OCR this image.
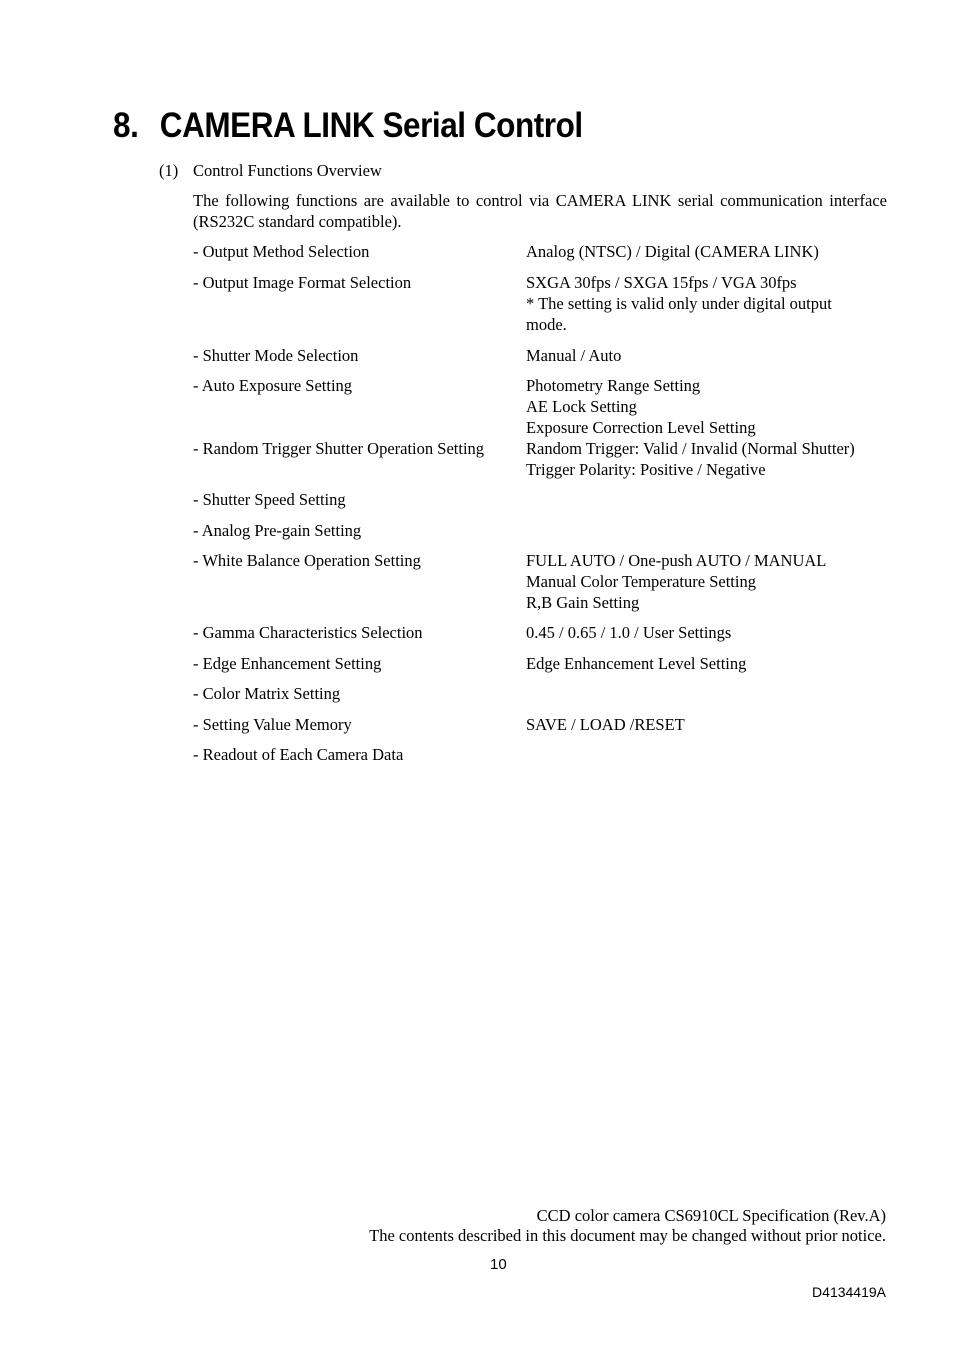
8. CAMERA LINK Serial Control
(1) Control Functions Overview
The following functions are available to control via CAMERA LINK serial communication interface (RS232C standard compatible).
- Output Method Selection	Analog (NTSC) / Digital (CAMERA LINK)
- Output Image Format Selection	SXGA 30fps / SXGA 15fps / VGA 30fps
* The setting is valid only under digital output
mode.
- Shutter Mode Selection	Manual / Auto
- Auto Exposure Setting	Photometry Range Setting
AE Lock Setting
Exposure Correction Level Setting
- Random Trigger Shutter Operation Setting	Random Trigger: Valid / Invalid (Normal Shutter)
Trigger Polarity: Positive / Negative
- Shutter Speed Setting
- Analog Pre-gain Setting
- White Balance Operation Setting	FULL AUTO / One-push AUTO / MANUAL
Manual Color Temperature Setting
R,B Gain Setting
- Gamma Characteristics Selection	0.45 / 0.65 / 1.0 / User Settings
- Edge Enhancement Setting	Edge Enhancement Level Setting
- Color Matrix Setting
- Setting Value Memory	SAVE / LOAD /RESET
- Readout of Each Camera Data
CCD color camera CS6910CL Specification (Rev.A)
The contents described in this document may be changed without prior notice.
10
D4134419A
